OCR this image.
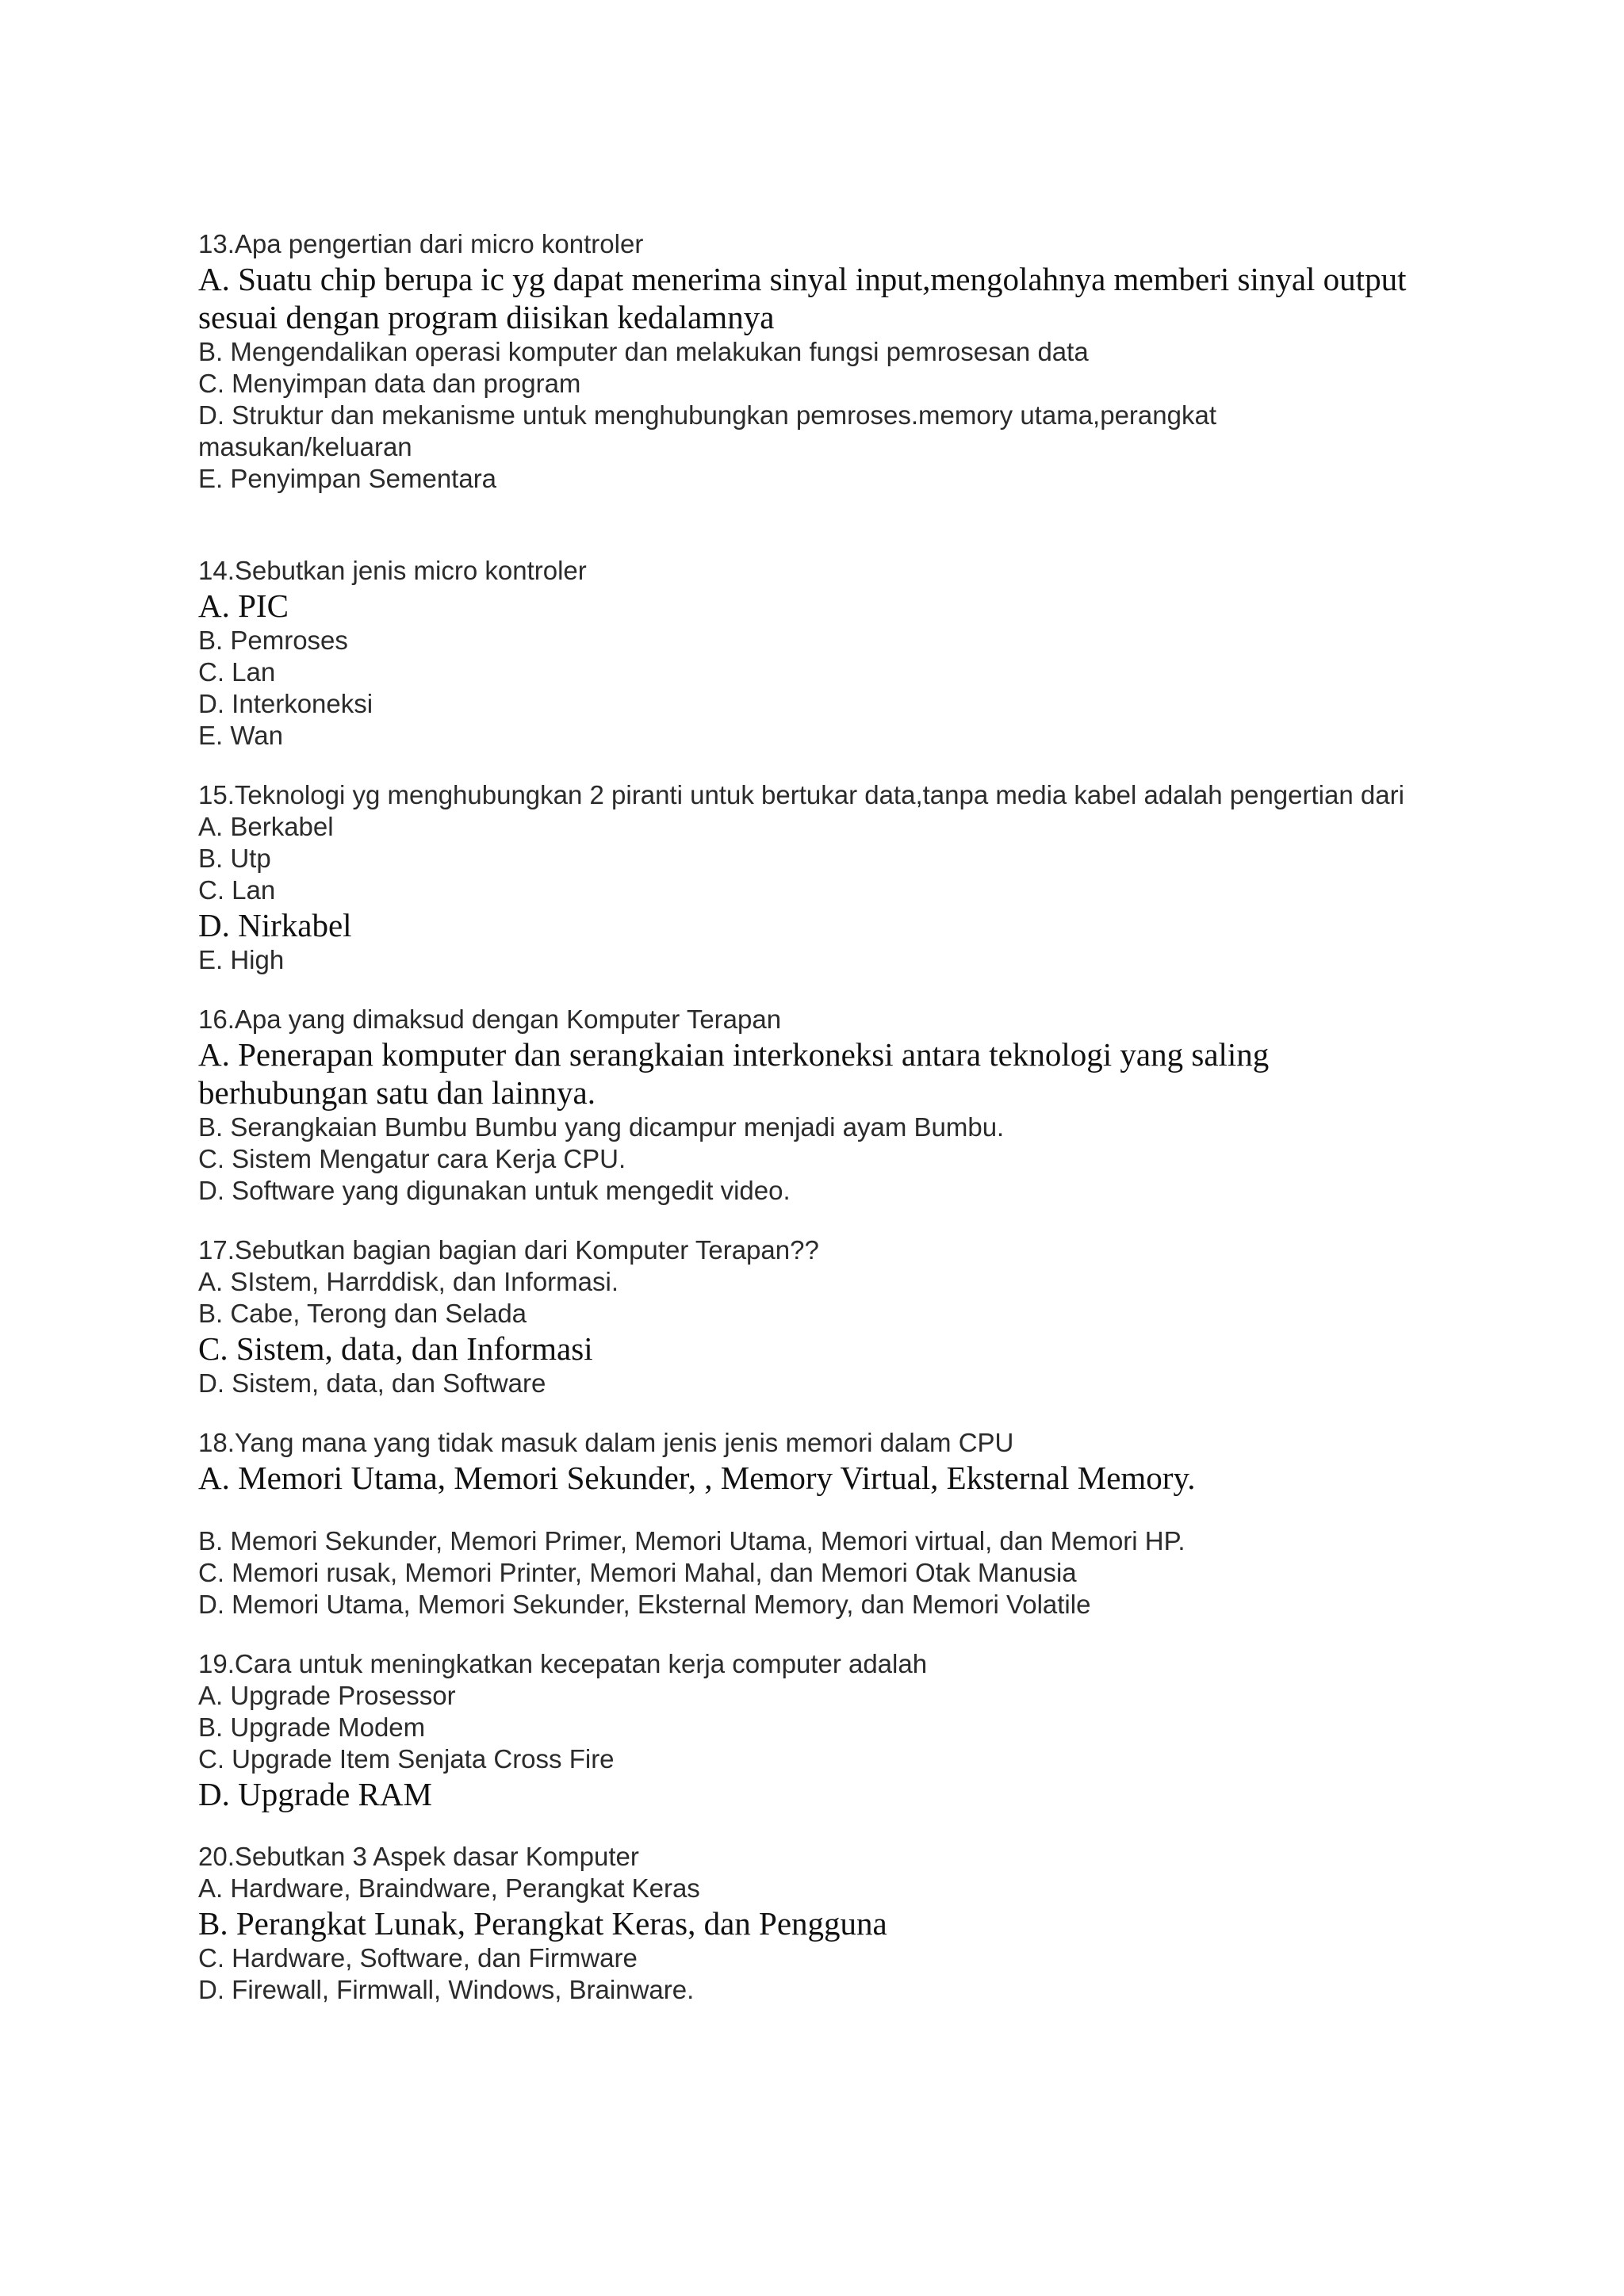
13.Apa pengertian dari micro kontroler
A. Suatu chip berupa ic yg dapat menerima sinyal input,mengolahnya memberi sinyal output sesuai dengan program diisikan kedalamnya
B. Mengendalikan operasi komputer dan melakukan fungsi pemrosesan data
C. Menyimpan data dan program
D. Struktur dan mekanisme untuk menghubungkan pemroses.memory utama,perangkat masukan/keluaran
E. Penyimpan Sementara
14.Sebutkan jenis micro kontroler
A. PIC
B. Pemroses
C. Lan
D. Interkoneksi
E. Wan
15.Teknologi yg menghubungkan 2 piranti untuk bertukar data,tanpa media kabel adalah pengertian dari
A. Berkabel
B. Utp
C. Lan
D. Nirkabel
E. High
16.Apa yang dimaksud dengan Komputer Terapan
A. Penerapan komputer dan serangkaian interkoneksi antara teknologi yang saling berhubungan satu dan lainnya.
B. Serangkaian Bumbu Bumbu yang dicampur menjadi ayam Bumbu.
C. Sistem Mengatur cara Kerja CPU.
D. Software yang digunakan untuk mengedit video.
17.Sebutkan bagian bagian dari Komputer Terapan??
A. SIstem, Harrddisk, dan Informasi.
B. Cabe, Terong dan Selada
C. Sistem, data, dan Informasi
D. Sistem, data, dan Software
18.Yang mana yang tidak masuk dalam jenis jenis memori dalam CPU
A. Memori Utama, Memori Sekunder, , Memory Virtual, Eksternal Memory.
B. Memori Sekunder, Memori Primer, Memori Utama, Memori virtual, dan Memori HP.
C. Memori rusak, Memori Printer, Memori Mahal, dan Memori Otak Manusia
D. Memori Utama, Memori Sekunder, Eksternal Memory, dan Memori Volatile
19.Cara untuk meningkatkan kecepatan kerja computer adalah
A. Upgrade Prosessor
B. Upgrade Modem
C. Upgrade Item Senjata Cross Fire
D. Upgrade RAM
20.Sebutkan 3 Aspek dasar Komputer
A. Hardware, Braindware, Perangkat Keras
B. Perangkat Lunak, Perangkat Keras, dan Pengguna
C. Hardware, Software, dan Firmware
D. Firewall, Firmwall, Windows, Brainware.
